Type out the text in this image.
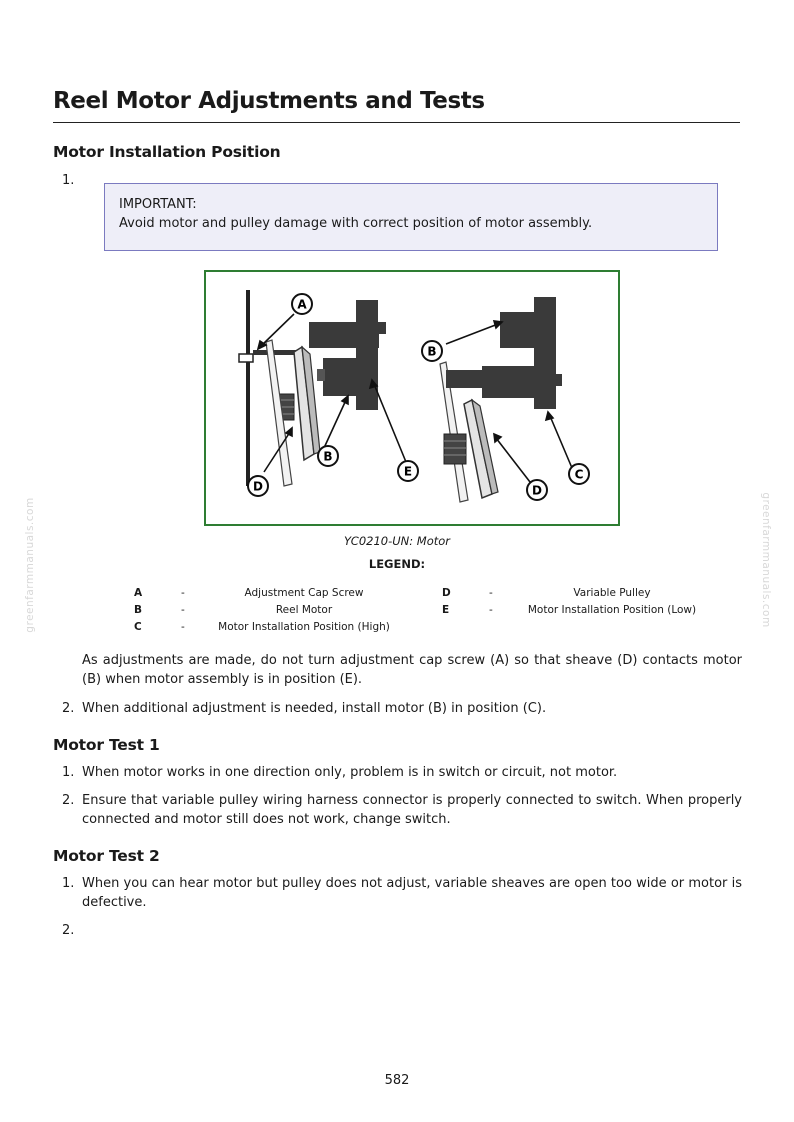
Reel Motor Adjustments and Tests
Motor Installation Position
1.
IMPORTANT:
Avoid motor and pulley damage with correct position of motor assembly.
A
D
B
E
B
D
C
YC0210-UN: Motor
LEGEND:
A	-	Adjustment Cap Screw
B	-	Reel Motor
C	-	Motor Installation Position (High)
D	-	Variable Pulley
E	-	Motor Installation Position (Low)

As adjustments are made, do not turn adjustment cap screw (A) so that sheave (D) contacts motor (B) when motor assembly is in position (E).

2. When additional adjustment is needed, install motor (B) in position (C).

Motor Test 1
1. When motor works in one direction only, problem is in switch or circuit, not motor.

2. Ensure that variable pulley wiring harness connector is properly connected to switch. When properly connected and motor still does not work, change switch.

Motor Test 2
1. When you can hear motor but pulley does not adjust, variable sheaves are open too wide or motor is defective.

2.
greenfarmmanuals.com	greenfarmmanuals.com
582
